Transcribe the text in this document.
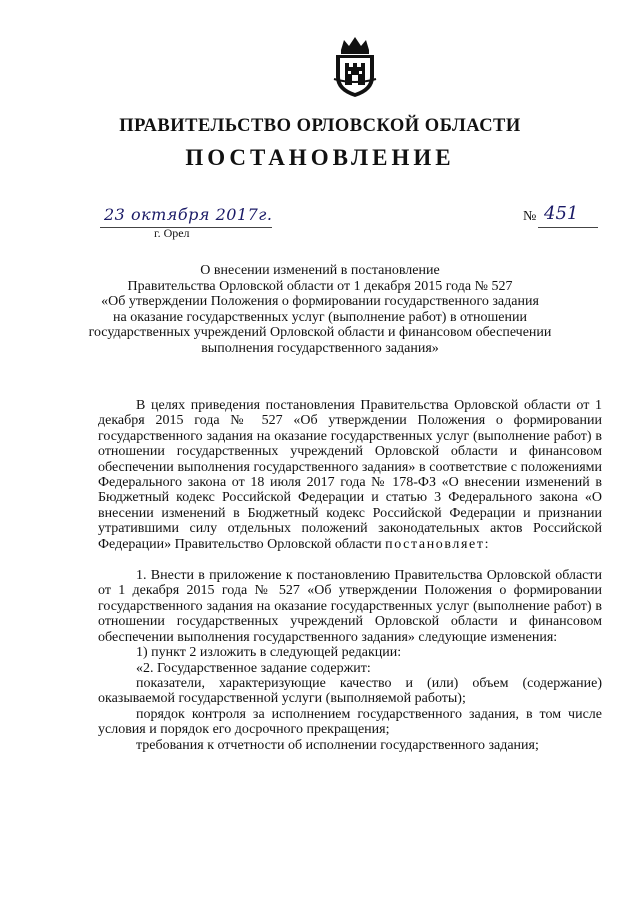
ПРАВИТЕЛЬСТВО ОРЛОВСКОЙ ОБЛАСТИ
ПОСТАНОВЛЕНИЕ
23 октября 2017г.
г. Орел
№ 451
О внесении изменений в постановление
Правительства Орловской области от 1 декабря 2015 года № 527
«Об утверждении Положения о формировании государственного задания
на оказание государственных услуг (выполнение работ) в отношении
государственных учреждений Орловской области и финансовом обеспечении
выполнения государственного задания»

В целях приведения постановления Правительства Орловской области от 1 декабря 2015 года № 527 «Об утверждении Положения о формировании государственного задания на оказание государственных услуг (выполнение работ) в отношении государственных учреждений Орловской области и финансовом обеспечении выполнения государственного задания» в соответствие с положениями Федерального закона от 18 июля 2017 года № 178-ФЗ «О внесении изменений в Бюджетный кодекс Российской Федерации и статью 3 Федерального закона «О внесении изменений в Бюджетный кодекс Российской Федерации и признании утратившими силу отдельных положений законодательных актов Российской Федерации» Правительство Орловской области постановляет:

1. Внести в приложение к постановлению Правительства Орловской области от 1 декабря 2015 года № 527 «Об утверждении Положения о формировании государственного задания на оказание государственных услуг (выполнение работ) в отношении государственных учреждений Орловской области и финансовом обеспечении выполнения государственного задания» следующие изменения:

1) пункт 2 изложить в следующей редакции:

«2. Государственное задание содержит:

показатели, характеризующие качество и (или) объем (содержание) оказываемой государственной услуги (выполняемой работы);

порядок контроля за исполнением государственного задания, в том числе условия и порядок его досрочного прекращения;

требования к отчетности об исполнении государственного задания;
